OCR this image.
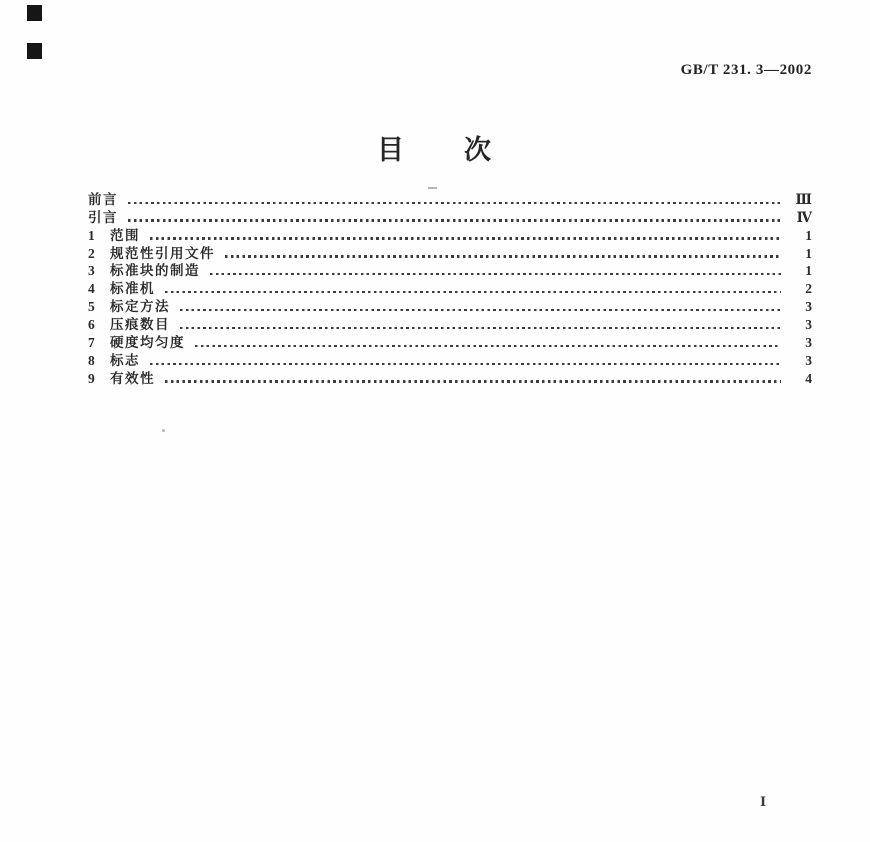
GB/T 231. 3—2002
目　　次
前言	Ⅲ
引言	Ⅳ
1	范围	1
2	规范性引用文件	1
3	标准块的制造	1
4	标准机	2
5	标定方法	3
6	压痕数目	3
7	硬度均匀度	3
8	标志	3
9	有效性	4
Ⅰ
